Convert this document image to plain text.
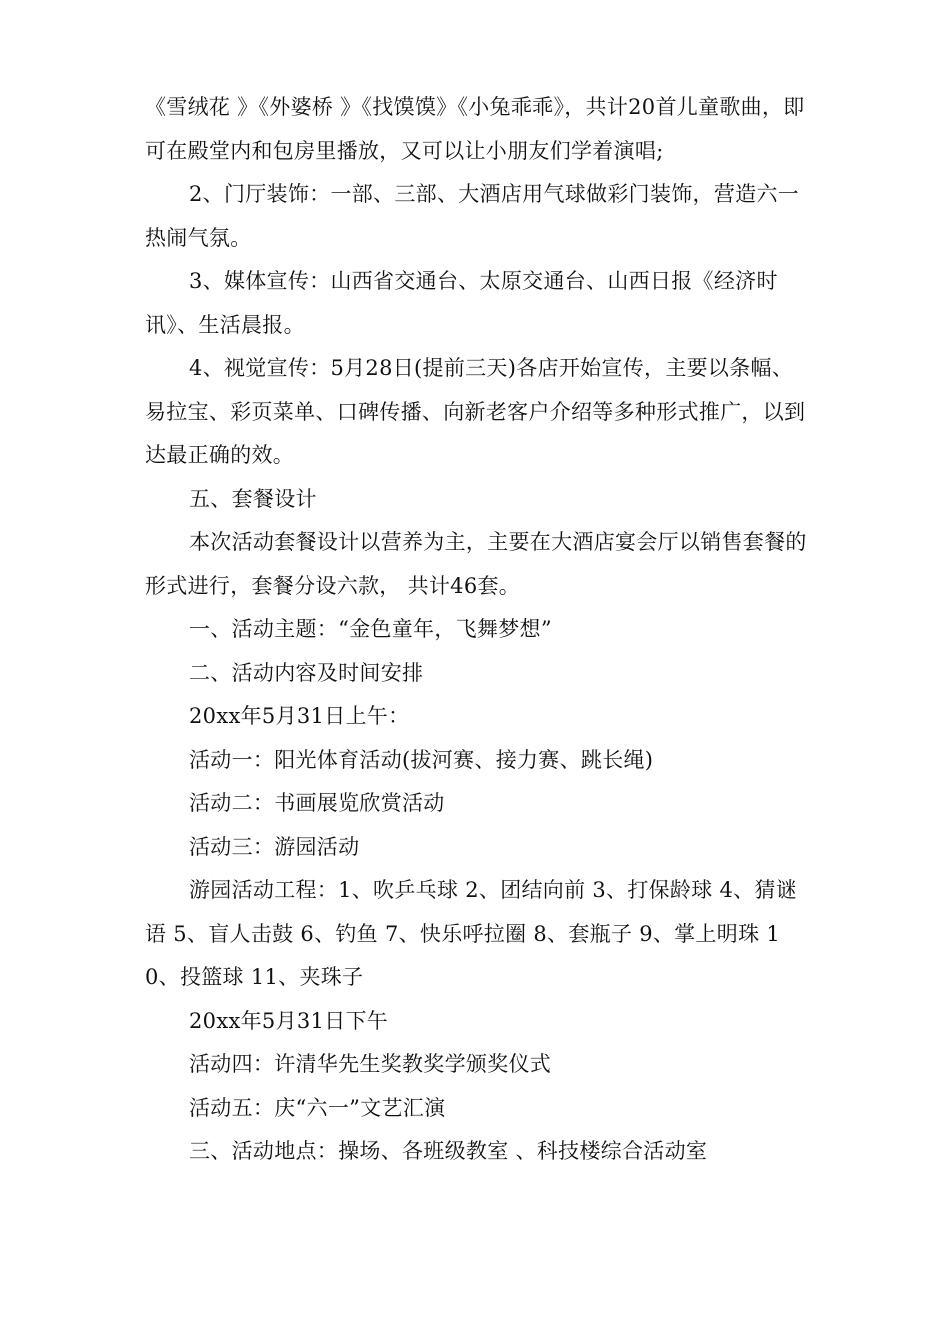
《雪绒花 》《外婆桥 》《找馍馍》《小兔乖乖》，共计20首儿童歌曲，即可在殿堂内和包房里播放，又可以让小朋友们学着演唱;

2、门厅装饰：一部、三部、大酒店用气球做彩门装饰，营造六一热闹气氛。

3、媒体宣传：山西省交通台、太原交通台、山西日报《经济时讯》、生活晨报。

4、视觉宣传：5月28日(提前三天)各店开始宣传，主要以条幅、易拉宝、彩页菜单、口碑传播、向新老客户介绍等多种形式推广，以到达最正确的效。

五、套餐设计

本次活动套餐设计以营养为主，主要在大酒店宴会厅以销售套餐的形式进行，套餐分设六款， 共计46套。

一、活动主题：“金色童年，飞舞梦想”

二、活动内容及时间安排

20xx年5月31日上午：

活动一：阳光体育活动(拔河赛、接力赛、跳长绳)

活动二：书画展览欣赏活动

活动三：游园活动

游园活动工程：1、吹乒乓球 2、团结向前 3、打保龄球 4、猜谜语 5、盲人击鼓 6、钓鱼 7、快乐呼拉圈 8、套瓶子 9、掌上明珠 10、投篮球 11、夹珠子

20xx年5月31日下午

活动四：许清华先生奖教奖学颁奖仪式

活动五：庆“六一”文艺汇演

三、活动地点：操场、各班级教室 、科技楼综合活动室
